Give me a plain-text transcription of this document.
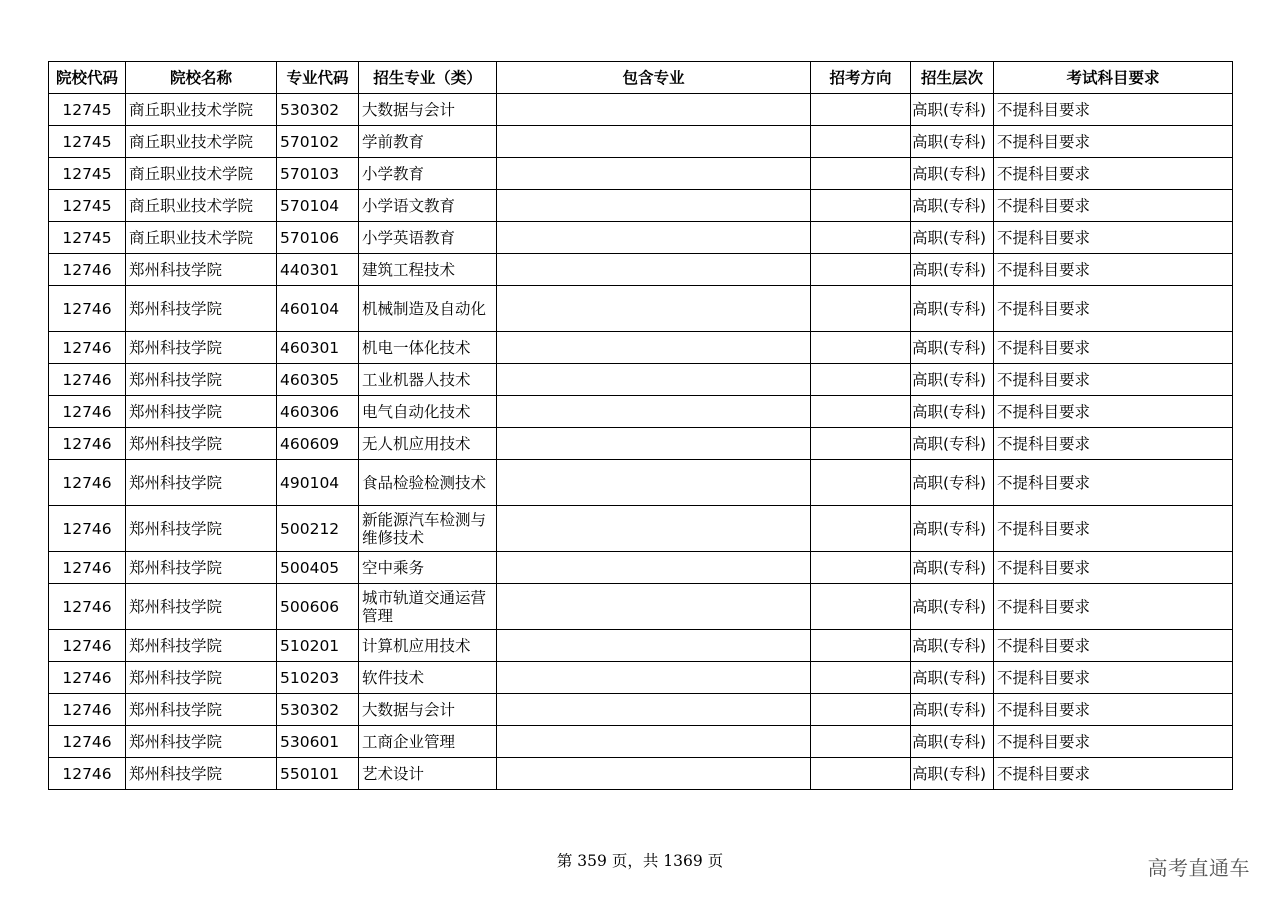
院校代码	院校名称	专业代码	招生专业（类）	包含专业	招考方向	招生层次	考试科目要求
12745	商丘职业技术学院	530302	大数据与会计			高职(专科)	不提科目要求
12745	商丘职业技术学院	570102	学前教育			高职(专科)	不提科目要求
12745	商丘职业技术学院	570103	小学教育			高职(专科)	不提科目要求
12745	商丘职业技术学院	570104	小学语文教育			高职(专科)	不提科目要求
12745	商丘职业技术学院	570106	小学英语教育			高职(专科)	不提科目要求
12746	郑州科技学院	440301	建筑工程技术			高职(专科)	不提科目要求
12746	郑州科技学院	460104	机械制造及自动化			高职(专科)	不提科目要求
12746	郑州科技学院	460301	机电一体化技术			高职(专科)	不提科目要求
12746	郑州科技学院	460305	工业机器人技术			高职(专科)	不提科目要求
12746	郑州科技学院	460306	电气自动化技术			高职(专科)	不提科目要求
12746	郑州科技学院	460609	无人机应用技术			高职(专科)	不提科目要求
12746	郑州科技学院	490104	食品检验检测技术			高职(专科)	不提科目要求
12746	郑州科技学院	500212	新能源汽车检测与维修技术			高职(专科)	不提科目要求
12746	郑州科技学院	500405	空中乘务			高职(专科)	不提科目要求
12746	郑州科技学院	500606	城市轨道交通运营管理			高职(专科)	不提科目要求
12746	郑州科技学院	510201	计算机应用技术			高职(专科)	不提科目要求
12746	郑州科技学院	510203	软件技术			高职(专科)	不提科目要求
12746	郑州科技学院	530302	大数据与会计			高职(专科)	不提科目要求
12746	郑州科技学院	530601	工商企业管理			高职(专科)	不提科目要求
12746	郑州科技学院	550101	艺术设计			高职(专科)	不提科目要求
第 359 页，共 1369 页	高考直通车
